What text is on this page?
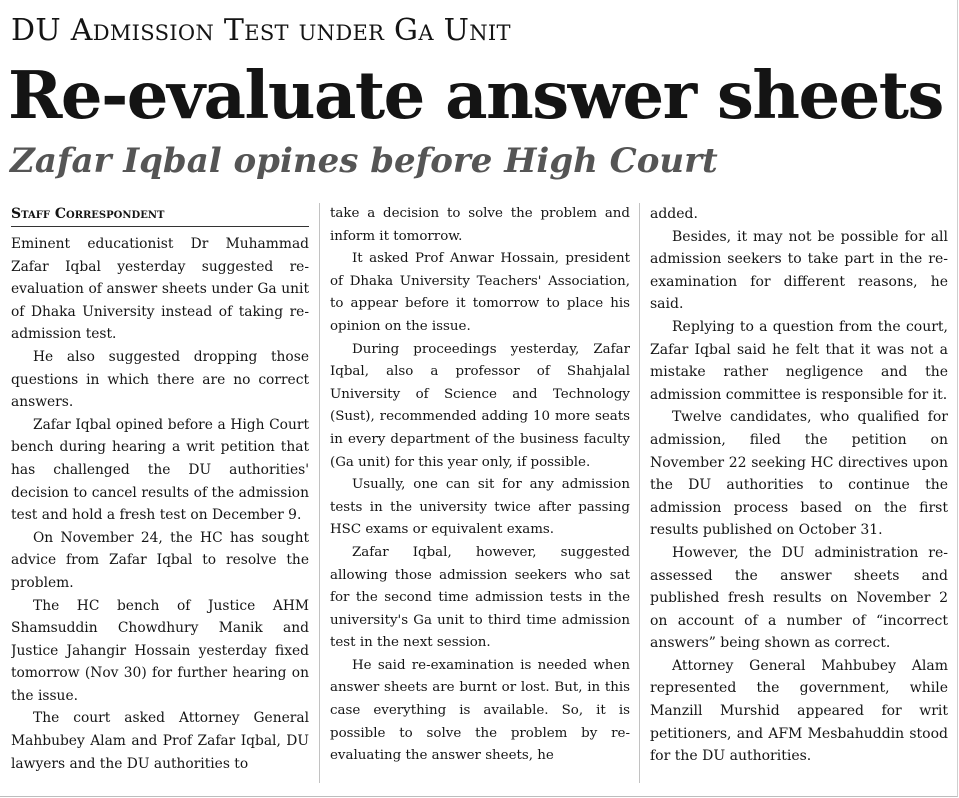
DU Admission Test under Ga Unit
Re-evaluate answer sheets
Zafar Iqbal opines before High Court
Staff Correspondent

Eminent educationist Dr Muhammad Zafar Iqbal yesterday suggested re-evaluation of answer sheets under Ga unit of Dhaka University instead of taking re-admission test.

He also suggested dropping those questions in which there are no correct answers.

Zafar Iqbal opined before a High Court bench during hearing a writ petition that has challenged the DU authorities' decision to cancel results of the admission test and hold a fresh test on December 9.

On November 24, the HC has sought advice from Zafar Iqbal to resolve the problem.

The HC bench of Justice AHM Shamsuddin Chowdhury Manik and Justice Jahangir Hossain yesterday fixed tomorrow (Nov 30) for further hearing on the issue.

The court asked Attorney General Mahbubey Alam and Prof Zafar Iqbal, DU lawyers and the DU authorities to

take a decision to solve the problem and inform it tomorrow.

It asked Prof Anwar Hossain, president of Dhaka University Teachers' Association, to appear before it tomorrow to place his opinion on the issue.

During proceedings yesterday, Zafar Iqbal, also a professor of Shahjalal University of Science and Technology (Sust), recommended adding 10 more seats in every department of the business faculty (Ga unit) for this year only, if possible.

Usually, one can sit for any admission tests in the university twice after passing HSC exams or equivalent exams.

Zafar Iqbal, however, suggested allowing those admission seekers who sat for the second time admission tests in the university's Ga unit to third time admission test in the next session.

He said re-examination is needed when answer sheets are burnt or lost. But, in this case everything is available. So, it is possible to solve the problem by re-evaluating the answer sheets, he

added.

Besides, it may not be possible for all admission seekers to take part in the re-examination for different reasons, he said.

Replying to a question from the court, Zafar Iqbal said he felt that it was not a mistake rather negligence and the admission committee is responsible for it.

Twelve candidates, who qualified for admission, filed the petition on November 22 seeking HC directives upon the DU authorities to continue the admission process based on the first results published on October 31.

However, the DU administration re-assessed the answer sheets and published fresh results on November 2 on account of a number of “incorrect answers” being shown as correct.

Attorney General Mahbubey Alam represented the government, while Manzill Murshid appeared for writ petitioners, and AFM Mesbahuddin stood for the DU authorities.
